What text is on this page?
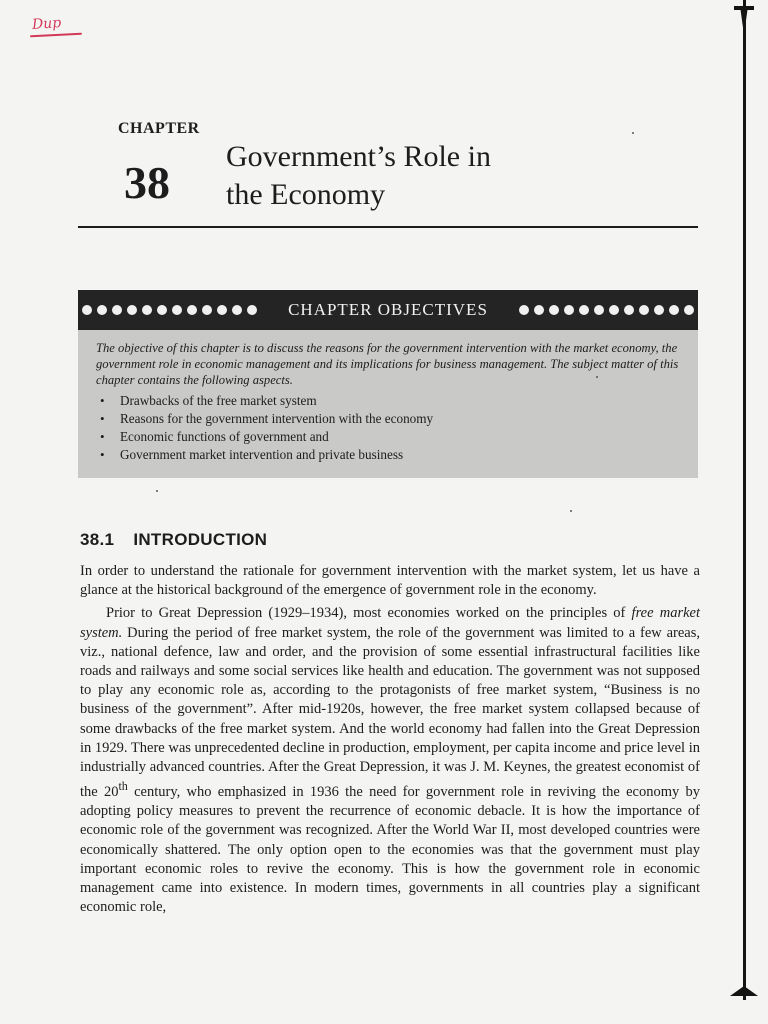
Dup
CHAPTER
38
Government’s Role in
the Economy
CHAPTER OBJECTIVES

The objective of this chapter is to discuss the reasons for the government intervention with the market economy, the government role in economic management and its implications for business management. The subject matter of this chapter contains the following aspects.

• Drawbacks of the free market system
• Reasons for the government intervention with the economy
• Economic functions of government and
• Government market intervention and private business
38.1 INTRODUCTION

In order to understand the rationale for government intervention with the market system, let us have a glance at the historical background of the emergence of government role in the economy.

Prior to Great Depression (1929–1934), most economies worked on the principles of free market system. During the period of free market system, the role of the government was limited to a few areas, viz., national defence, law and order, and the provision of some essential infrastructural facilities like roads and railways and some social services like health and education. The government was not supposed to play any economic role as, according to the protagonists of free market system, “Business is no business of the government”. After mid-1920s, however, the free market system collapsed because of some drawbacks of the free market system. And the world economy had fallen into the Great Depression in 1929. There was unprecedented decline in production, employment, per capita income and price level in industrially advanced countries. After the Great Depression, it was J. M. Keynes, the greatest economist of the 20th century, who emphasized in 1936 the need for government role in reviving the economy by adopting policy measures to prevent the recurrence of economic debacle. It is how the importance of economic role of the government was recognized. After the World War II, most developed countries were economically shattered. The only option open to the economies was that the government must play important economic roles to revive the economy. This is how the government role in economic management came into existence. In modern times, governments in all countries play a significant economic role,
